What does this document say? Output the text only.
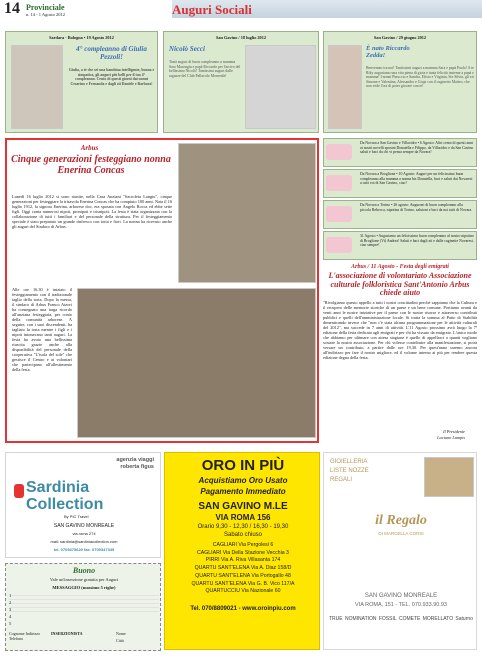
14 Provinciale
n. 14 - 1 Agosto 2012	Auguri Sociali
Sardara - Bologna • 19 Agosto 2012
4° compleanno di Giulia Pezzoli!
Giulia, a te che sei una bambina intelligente, buona e simpatica, gli auguri più belli per il tuo 4° compleanno. Cento di questi giorni dai nonni Cesarino e Fernanda e dagli zii Daniele e Barbara!
San Gavino / 18 luglio 2012
Nicolò Secci
Tanti auguri di buon compleanno a mamma Sara Marongiu e papà Riccardo per l'arrivo del bellissimo Nicolò! Tantissimi auguri dalle ragazze del Club Pallavolo Monreale!
San Gavino / 29 giugno 2012
È nato Riccardo Zedda!
Benvenuto tra noi! Tantissimi auguri a mamma Sara e papà Paolo! A te Riky auguriamo una vita piena di gioia e tanta felicità insieme a papà e mamma! I nonni Pinuccio e Sandra, Efisio e Virginia, Ste Silvia, gli zii Simone e Valentina, Alessandro e Giuja con il cuginetto Matteo, che non vede l'ora di poter giocare con te!
Arbus
Cinque generazioni festeggiano nonna Enerina Concas
Lunedì 16 luglio 2012 si sono riunite, nella Casa Anziani "Sacrofeta Langiu", cinque generazioni per festeggiare la trisavola Enerina Concas che ha compiuto 100 anni. Nata il 16 luglio 1912, la signora Enerina, arborese doc, era sposata con Angelo Rocca ed ebbe sette figli. Oggi conta numerosi nipoti, pronipoti e trisnipoti. La festa è stata organizzata con la collaborazione di tutti i familiari e del personale della struttura. Per il festeggiamento speciale è stato preparato un grande rinfresco con torta e fiori. La nonna ha ricevuto anche gli auguri del Sindaco di Arbus.
Alle ore 16.30 è iniziato il festeggiamento con il tradizionale taglio della torta. Dopo la messa, il sindaco di Arbus Franco Atzori ha consegnato una targa ricordo all'anziana festeggiata, per conto della comunità arborese. A seguire, con i suoi discendenti, ha tagliato la torta mentre i figli e i nipoti intonavano tanti auguri. La festa ha avuto una bellissima riuscita grazie anche alla disponibilità del personale della cooperativa "L'isola del sole" che gestisce il Centro e ai volontari che partecipano all'allestimento della festa.
Da Novara a San Gavino e Villacidro • 6 Agosto: Altri cento di questi anni ai nostri novelli sposini Donatella e Filippo, da Villacidro e da San Gavino saluti e baci da chi vi pensa sempre da Novara!
Da Novara a Broglione • 10 Agosto: Auguri per un felicissimo buon compleanno alla mamma a nonna bis Donatella, baci e saluti dai Novaresi a tutti voi di San Gavino, ciao!
Da Novara a Torino • 26 agosto: Auguroni di buon compleanno alla piccola Rebecca, nipotina di Torino, salutoni e baci da noi tutti di Novara.
31 Agosto • Auguriamo un felicissimo buon compleanno al nostro nipotino di Broglione (Vi) Andrea! Saluti e baci dagli zii e dalle cuginette Novaresi, ciao sempre!
Arbus / 11 Agosto - Festa degli emigrati
L'associazione di volontariato Associazione culturale folkloristica Sant'Antonio Arbus chiede aiuto
"Rivolgiamo questo appello a tutti i nostri concittadini perché sappiamo che la Cultura e il recupero delle memorie storiche di un paese e un bene comune. Portiamo avanti da venti anni le nostre iniziative per il paese con le nostre risorse e attraverso contributi pubblici e quelli dell'amministrazione locale. Si tratta la somma al Patto di Stabilità dimenticando invece che "non c'è stata alcuna programmazione per le attività culturali del 2012", ma succede in 7 anni di attività. L'11 Agosto prossimo avrà luogo la 7ª edizione della festa dedicata agli emigrati e per chi ha vissuto da emigrato. L'unico modo che abbiamo per ultimare con attesa stagione è quello di appellarci a quanti vogliano sostare la nostra associazione. Per chi volesse contribuire alla manifestazione, si potrà versare un contributo, a partire dalle ore 19,30. Per quest'anno saremo ancora all'indirizzo per fare il nostro migliore, ed il volume interno ai più per rendere questa edizione degna della festa.
Il Presidente
Luciano Lampis
agenzia viaggi
roberta figus
Sardinia
Collection
By PIC Travel
SAN GAVINO MONREALE
via roma 274
mail: sardinia@sardiniacollection.com
tel. 0709375620 fax. 0709347345
ORO IN PIÙ
Acquistiamo Oro Usato
Pagamento Immediato
SAN GAVINO M.LE
VIA ROMA 156
Orario 9,30 - 12,30 / 16,30 - 19,30
Sabato chiuso
CAGLIARI Via Pergolesi 6
CAGLIARI Via Della Stazione Vecchia 3
PIRRI Via A. Riva Villasanta 174
QUARTU SANT'ELENA Via A. Diaz 158/D
QUARTU SANT'ELENA Via Portogallo 48
QUARTU SANT'ELENA Via G. B. Vico 117/A
QUARTUCCIU Via Nazionale 60
Tel. 070/8809021 - www.oroinpiu.com
GIOIELLERIA
LISTE NOZZE
REGALI
il Regalo
DI MARCELLA CORSI
SAN GAVINO MONREALE
VIA ROMA, 151 - TEL. 070.933.90.93
TRUE NOMINATION FOSSIL COMETE MORELLATO Saturno
Buono
Vale un'inserzione gratuita per Auguri
MESSAGGIO (massimo 5 righe)
1
2
3
4
5
Cognome Indirizzo Telefono
INSERZIONISTA	Nome
Città
